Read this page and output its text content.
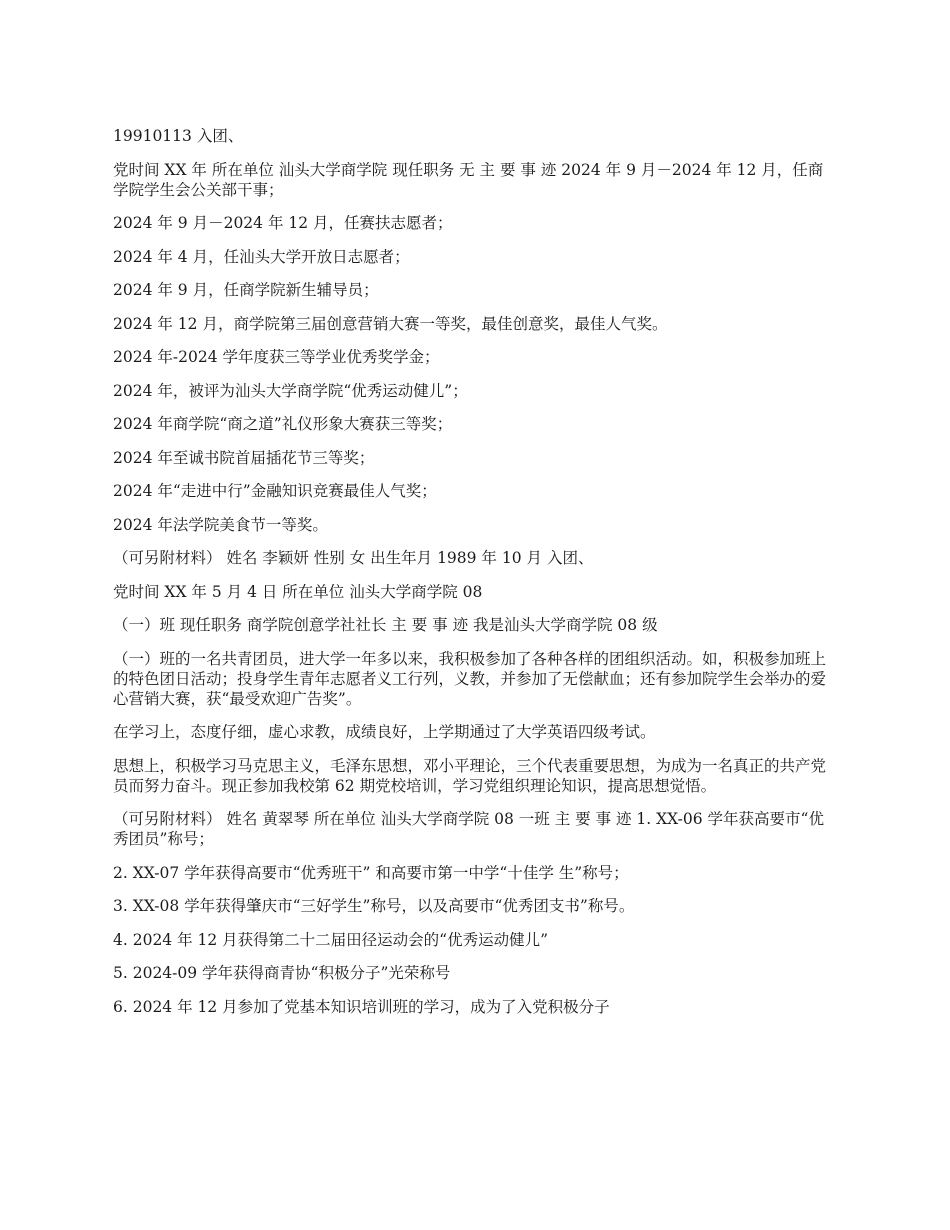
19910113 入团、

党时间 XX 年 所在单位 汕头大学商学院 现任职务 无 主 要 事 迹 2024 年 9 月－2024 年 12 月，任商学院学生会公关部干事；

2024 年 9 月－2024 年 12 月，任赛扶志愿者；

2024 年 4 月，任汕头大学开放日志愿者；

2024 年 9 月，任商学院新生辅导员；

2024 年 12 月，商学院第三届创意营销大赛一等奖，最佳创意奖，最佳人气奖。

2024 年-2024 学年度获三等学业优秀奖学金；

2024 年，被评为汕头大学商学院“优秀运动健儿”；

2024 年商学院“商之道”礼仪形象大赛获三等奖；

2024 年至诚书院首届插花节三等奖；

2024 年“走进中行”金融知识竞赛最佳人气奖；

2024 年法学院美食节一等奖。

（可另附材料） 姓名 李颖妍 性别 女 出生年月 1989 年 10 月 入团、

党时间 XX 年 5 月 4 日 所在单位 汕头大学商学院 08

（一）班 现任职务 商学院创意学社社长 主 要 事 迹 我是汕头大学商学院 08 级

（一）班的一名共青团员，进大学一年多以来，我积极参加了各种各样的团组织活动。如，积极参加班上的特色团日活动；投身学生青年志愿者义工行列，义教，并参加了无偿献血；还有参加院学生会举办的爱心营销大赛，获“最受欢迎广告奖”。

在学习上，态度仔细，虚心求教，成绩良好，上学期通过了大学英语四级考试。

思想上，积极学习马克思主义，毛泽东思想，邓小平理论，三个代表重要思想，为成为一名真正的共产党员而努力奋斗。现正参加我校第 62 期党校培训，学习党组织理论知识，提高思想觉悟。

（可另附材料） 姓名 黄翠琴 所在单位 汕头大学商学院 08 一班 主 要 事 迹 1. XX-06 学年获高要市“优秀团员”称号；

2. XX-07 学年获得高要市“优秀班干” 和高要市第一中学“十佳学 生”称号；

3. XX-08 学年获得肇庆市“三好学生”称号，以及高要市“优秀团支书”称号。

4. 2024 年 12 月获得第二十二届田径运动会的“优秀运动健儿”

5. 2024-09 学年获得商青协“积极分子”光荣称号

6. 2024 年 12 月参加了党基本知识培训班的学习，成为了入党积极分子
